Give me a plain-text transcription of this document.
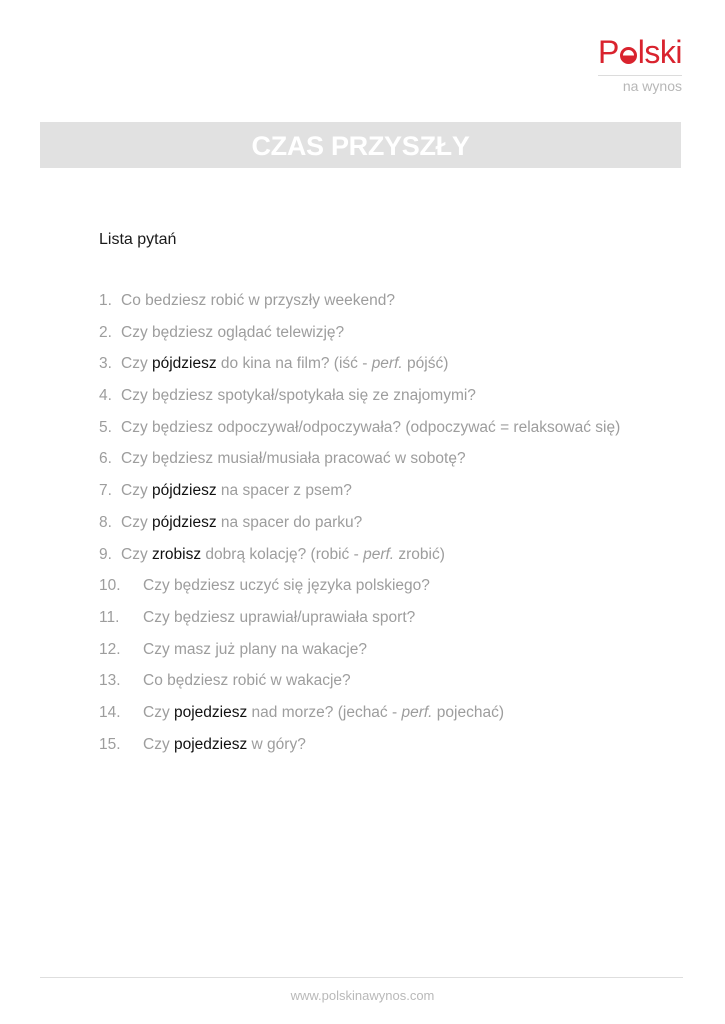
P lski
na wynos
CZAS PRZYSZŁY
Lista pytań
1. Co bedziesz robić w przyszły weekend?
2. Czy będziesz oglądać telewizję?
3. Czy pójdziesz do kina na film? (iść - perf. pójść)
4. Czy będziesz spotykał/spotykała się ze znajomymi?
5. Czy będziesz odpoczywał/odpoczywała? (odpoczywać = relaksować się)
6. Czy będziesz musiał/musiała pracować w sobotę?
7. Czy pójdziesz na spacer z psem?
8. Czy pójdziesz na spacer do parku?
9. Czy zrobisz dobrą kolację? (robić - perf. zrobić)
10.	Czy będziesz uczyć się języka polskiego?
11.	Czy będziesz uprawiał/uprawiała sport?
12.	Czy masz już plany na wakacje?
13.	Co będziesz robić w wakacje?
14.	Czy pojedziesz nad morze? (jechać - perf. pojechać)
15.	Czy pojedziesz w góry?
www.polskinawynos.com
